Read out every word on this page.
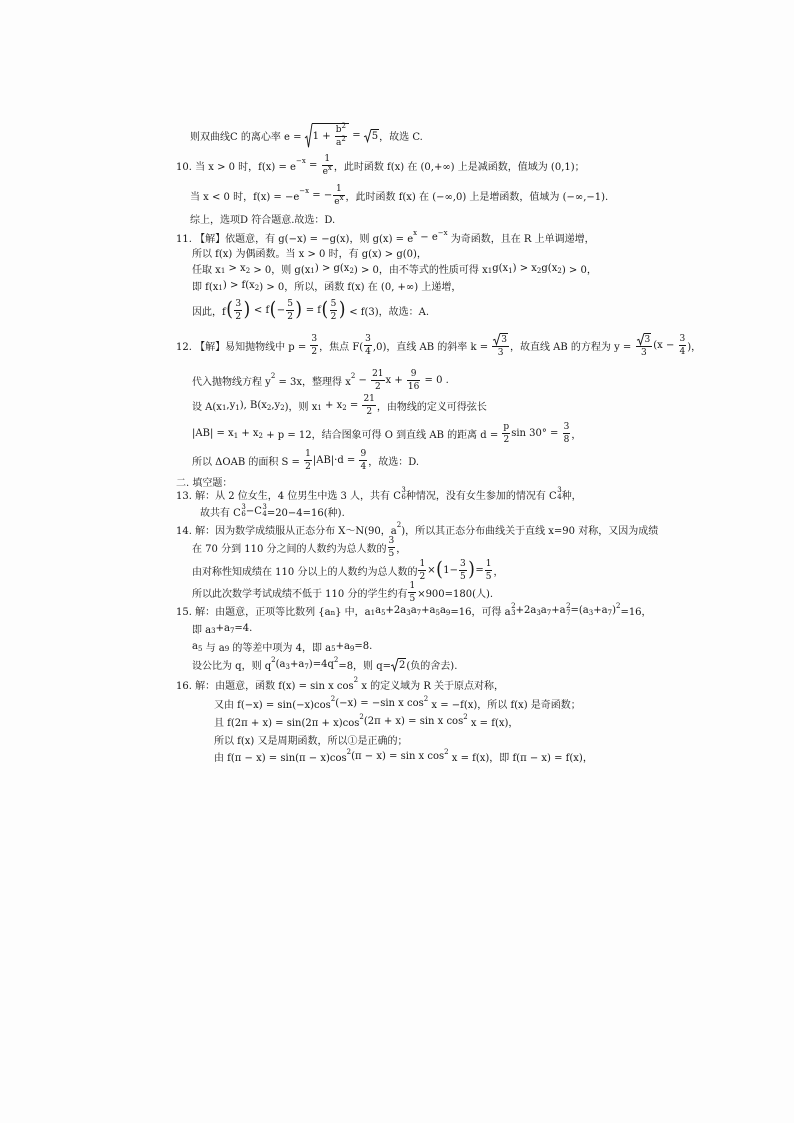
则双曲线C 的离心率 $e = 1 + \frac{b 2}{a 2} = 5$ ，故选 C.
10. 当 x > 0 时，f(x) = e
$-x = \frac{1}{\text{e x}}$ ，此时函数 f(x) 在 (0,+∞) 上是减函数，值域为 (0,1)；
当 x < 0 时，f(x) = −e
−x = − $\frac{1}{\text{e x}}$ ，此时函数 f(x) 在 (−∞,0) 上是增函数，值域为 (−∞,−1).
综上，选项D 符合题意.故选：D.
11. 【解】依题意，有 g(−x) = −g(x)，则 g(x) = e
x − e −x
为奇函数，且在 R 上单调递增，
所以 f(x) 为偶函数。当 x > 0 时，有 g(x) > g(0)，
任取 x 1 > x 2 > 0，则 g(x 1 ) > g(x 2 ) > 0，由不等式的性质可得 x 1 g(x 1 ) > x 2 g(x 2 ) > 0，
即 f(x 1 ) > f(x 2 ) > 0，所以，函数 f(x) 在 (0, +∞) 上递增，
因此，f ( $\frac{3}{2}$ ) < f ( − $\frac{5}{2}$ ) = f ( $\frac{5}{2}$ ) < f(3)，故选：A.
12. 【解】易知抛物线中 $p = \frac{3}{2}$ ，焦点 $F( \frac{3}{4} ,0)$，直线 AB 的斜率 $k = \frac{3}{3}$ ，故直线 AB 的方程为 $y = \frac{3}{3} (x - \frac{3}{4}$ )，
代入抛物线方程 y
2
= 3x，整理得 x
$2 - \frac{21}{2}$ $x + \frac{9}{16} = 0$ .
设 A(x 1 ,y 1 ), B(x 2 ,y 2 )，则 x 1 + x $2 = \frac{21}{2}$ ，由物线的定义可得弦长
|AB| = x 1 + x 2 + p = 12，结合图象可得 O 到直线 AB 的距离 $d = \frac{p}{2}$ $\sin 30^\circ = \frac{3}{8}$ ，
所以 ΔOAB 的面积 $S = \frac{1}{2} |AB|\cdot d = \frac{9}{4}$ ，故选：D.
二. 填空题：
13. 解：从 2 位女生，4 位男生中选 3 人，共有 C
3
6 种情况，没有女生参加的情况有 C
3
4 种，
故共有 C
3
6 −C 3
4 =20−4=16(种).
14. 解：因为数学成绩服从正态分布 X～N(90，a
2
)，所以其正态分布曲线关于直线 x=90 对称，又因为成绩
在 70 分到 110 分之间的人数约为总人数的 $\frac{3}{5}$ ，
由对称性知成绩在 110 分以上的人数约为总人数的 $\frac{1}{2}$ × ( $1- \frac{3}{5}$ ) = $\frac{1}{5}$ ，
所以此次数学考试成绩不低于 110 分的学生约有 $\frac{1}{5} \times 900=180$(人).
15. 解：由题意，正项等比数列 {a n } 中，a 1 a 5 +2a 3 a 7 +a 5 a 9 =16，可得 a
2
3 +2a 3 a 7 +a 2
7 =(a 3 +a 7 ) 2
=16，
即 a 3 +a 7 =4.
a 5 与 a 9 的等差中项为 4，即 a 5 +a 9 =8.
设公比为 q，则 q
2 (a 3 +a 7 )=4q 2
=8，则 q= 2 (负的舍去).
16. 解：由题意，函数 f(x) = sin x cos
2
x 的定义域为 R 关于原点对称，
又由 f(−x) = sin(−x)cos
2 (−x) = −sin x cos 2
x = −f(x)，所以 f(x) 是奇函数；
且 f(2π + x) = sin(2π + x)cos
2 (2π + x) = sin x cos 2
x = f(x)，
所以 f(x) 又是周期函数，所以①是正确的；
由 f(π − x) = sin(π − x)cos
2 (π − x) = sin x cos 2
x = f(x)，即 f(π − x) = f(x)，
